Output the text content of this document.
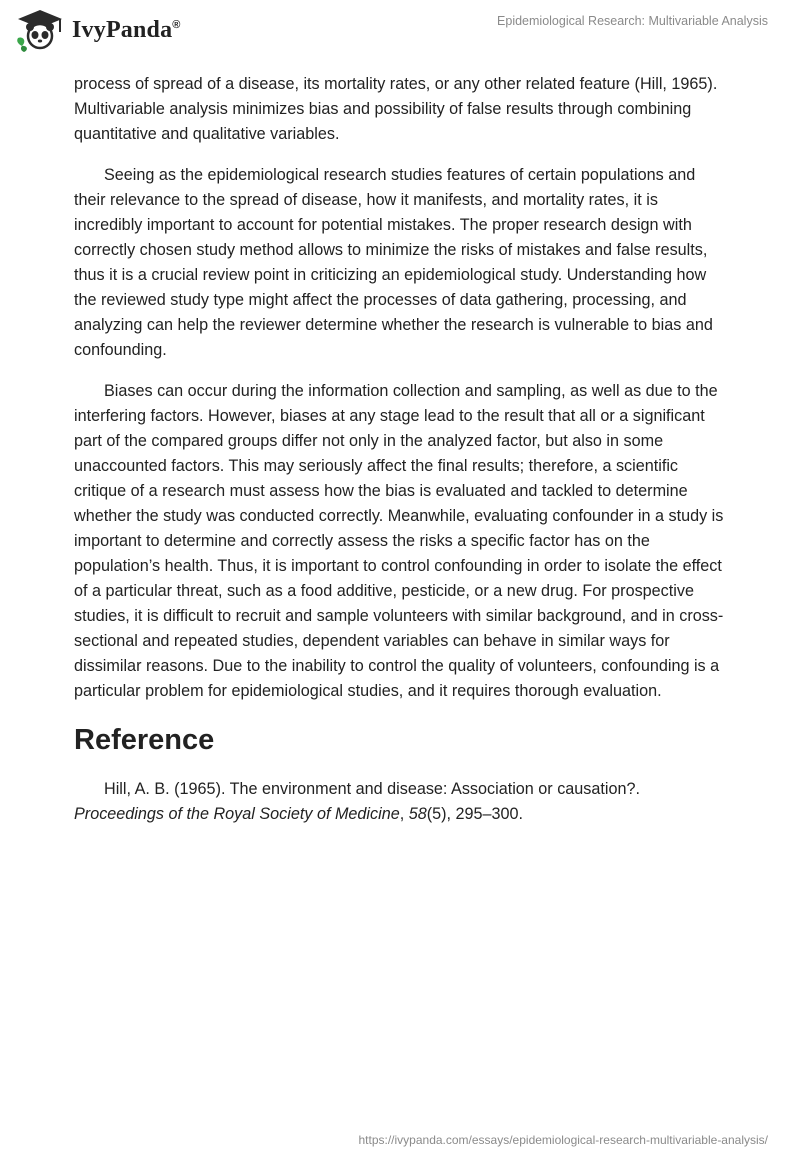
IvyPanda®	Epidemiological Research: Multivariable Analysis

process of spread of a disease, its mortality rates, or any other related feature (Hill, 1965). Multivariable analysis minimizes bias and possibility of false results through combining quantitative and qualitative variables.

Seeing as the epidemiological research studies features of certain populations and their relevance to the spread of disease, how it manifests, and mortality rates, it is incredibly important to account for potential mistakes. The proper research design with correctly chosen study method allows to minimize the risks of mistakes and false results, thus it is a crucial review point in criticizing an epidemiological study. Understanding how the reviewed study type might affect the processes of data gathering, processing, and analyzing can help the reviewer determine whether the research is vulnerable to bias and confounding.

Biases can occur during the information collection and sampling, as well as due to the interfering factors. However, biases at any stage lead to the result that all or a significant part of the compared groups differ not only in the analyzed factor, but also in some unaccounted factors. This may seriously affect the final results; therefore, a scientific critique of a research must assess how the bias is evaluated and tackled to determine whether the study was conducted correctly. Meanwhile, evaluating confounder in a study is important to determine and correctly assess the risks a specific factor has on the population’s health. Thus, it is important to control confounding in order to isolate the effect of a particular threat, such as a food additive, pesticide, or a new drug. For prospective studies, it is difficult to recruit and sample volunteers with similar background, and in cross-sectional and repeated studies, dependent variables can behave in similar ways for dissimilar reasons. Due to the inability to control the quality of volunteers, confounding is a particular problem for epidemiological studies, and it requires thorough evaluation.

Reference

Hill, A. B. (1965). The environment and disease: Association or causation?. Proceedings of the Royal Society of Medicine, 58(5), 295–300.

https://ivypanda.com/essays/epidemiological-research-multivariable-analysis/
